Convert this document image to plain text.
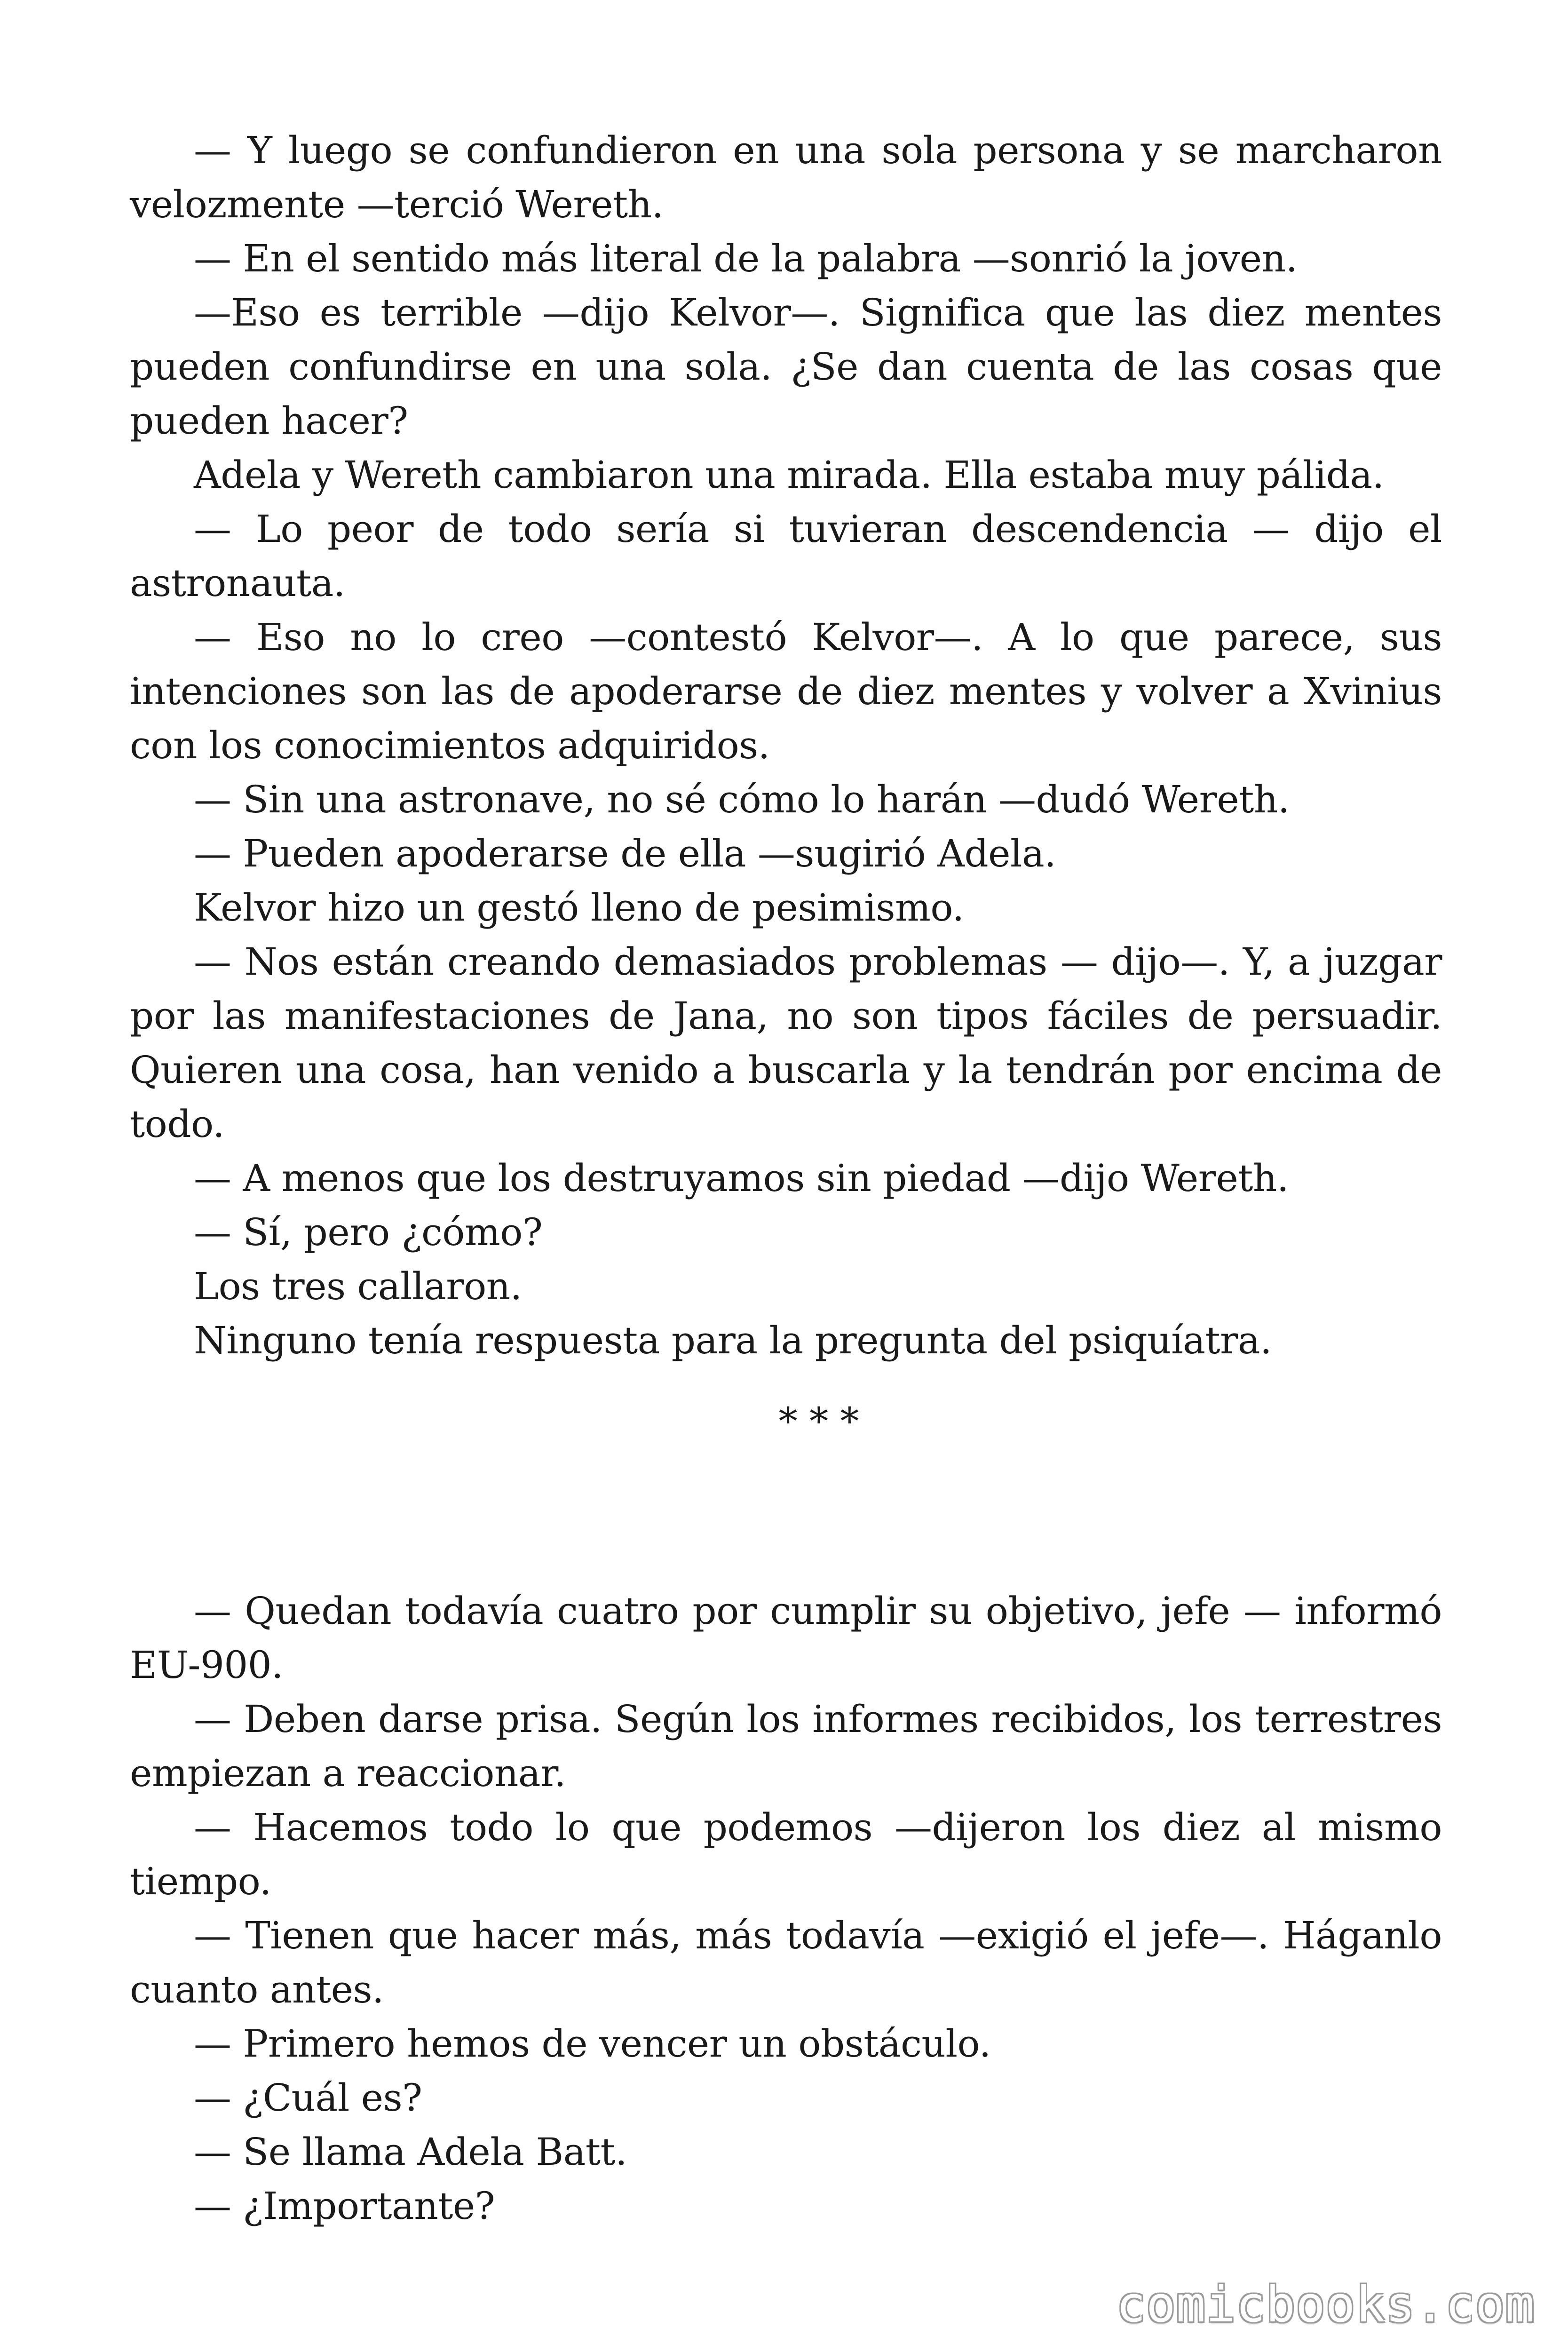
— Y luego se confundieron en una sola persona y se marcharon velozmente —terció Wereth.

— En el sentido más literal de la palabra —sonrió la joven.

—Eso es terrible —dijo Kelvor—. Significa que las diez mentes pueden confundirse en una sola. ¿Se dan cuenta de las cosas que pueden hacer?

Adela y Wereth cambiaron una mirada. Ella estaba muy pálida.

— Lo peor de todo sería si tuvieran descendencia — dijo el astronauta.

— Eso no lo creo —contestó Kelvor—. A lo que parece, sus intenciones son las de apoderarse de diez mentes y volver a Xvinius con los conocimientos adquiridos.

— Sin una astronave, no sé cómo lo harán —dudó Wereth.

— Pueden apoderarse de ella —sugirió Adela.

Kelvor hizo un gestó lleno de pesimismo.

— Nos están creando demasiados problemas — dijo—. Y, a juzgar por las manifestaciones de Jana, no son tipos fáciles de persuadir. Quieren una cosa, han venido a buscarla y la tendrán por encima de todo.

— A menos que los destruyamos sin piedad —dijo Wereth.

— Sí, pero ¿cómo?

Los tres callaron.

Ninguno tenía respuesta para la pregunta del psiquíatra.

* * *

— Quedan todavía cuatro por cumplir su objetivo, jefe — informó EU-900.

— Deben darse prisa. Según los informes recibidos, los terrestres empiezan a reaccionar.

— Hacemos todo lo que podemos —dijeron los diez al mismo tiempo.

— Tienen que hacer más, más todavía —exigió el jefe—. Háganlo cuanto antes.

— Primero hemos de vencer un obstáculo.

— ¿Cuál es?

— Se llama Adela Batt.

— ¿Importante?

comicbooks.com
